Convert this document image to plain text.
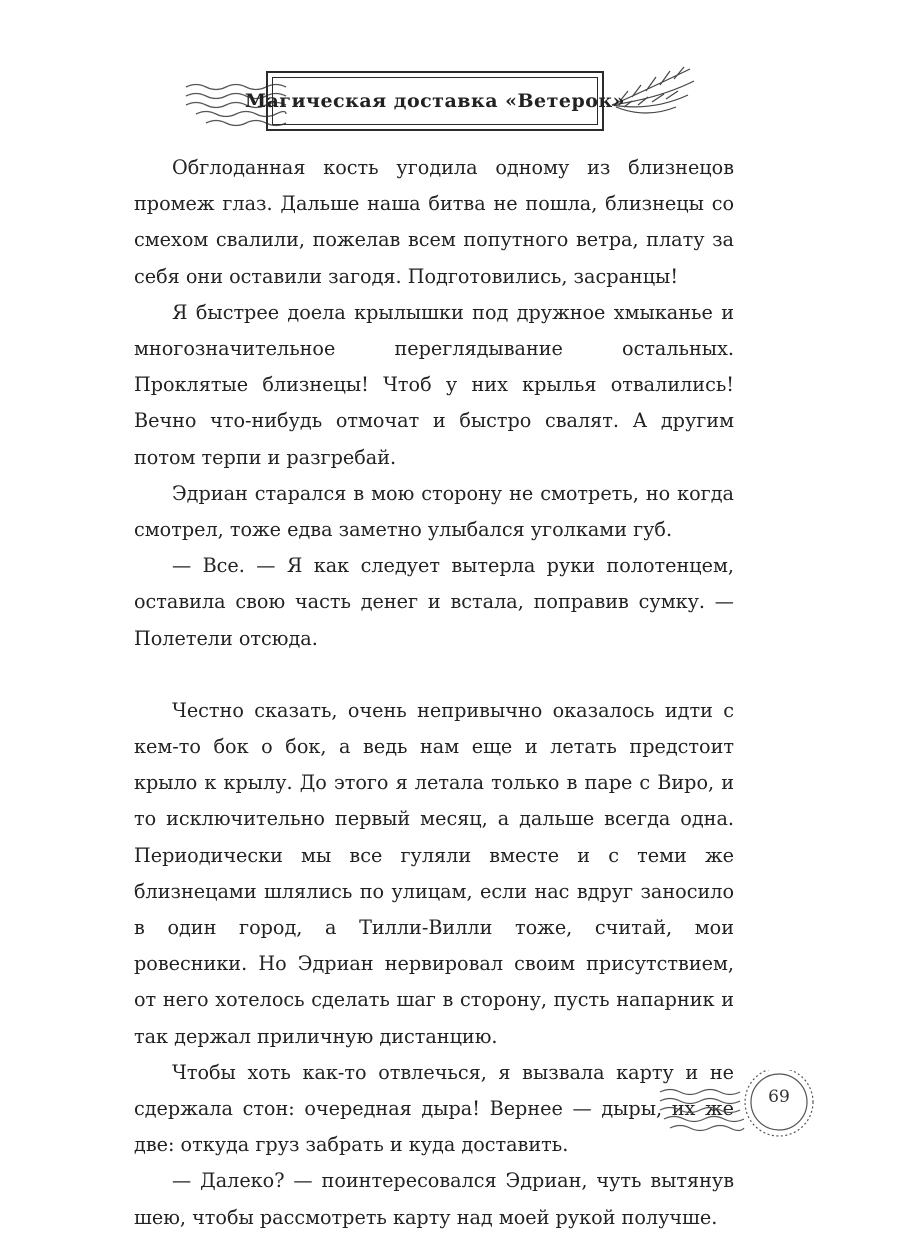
Магическая доставка «Ветерок»

Обглоданная кость угодила одному из близнецов промеж глаз. Дальше наша битва не пошла, близнецы со смехом свалили, пожелав всем попутного ветра, плату за себя они оставили загодя. Подготовились, засранцы!

Я быстрее доела крылышки под дружное хмыканье и многозначительное переглядывание остальных. Проклятые близнецы! Чтоб у них крылья отвалились! Вечно что-нибудь отмочат и быстро свалят. А другим потом терпи и разгребай.

Эдриан старался в мою сторону не смотреть, но когда смотрел, тоже едва заметно улыбался уголками губ.

— Все. — Я как следует вытерла руки полотенцем, оставила свою часть денег и встала, поправив сумку. — Полетели отсюда.

Честно сказать, очень непривычно оказалось идти с кем-то бок о бок, а ведь нам еще и летать предстоит крыло к крылу. До этого я летала только в паре с Виро, и то исключительно первый месяц, а дальше всегда одна. Периодически мы все гуляли вместе и с теми же близнецами шлялись по улицам, если нас вдруг заносило в один город, а Тилли-Вилли тоже, считай, мои ровесники. Но Эдриан нервировал своим присутствием, от него хотелось сделать шаг в сторону, пусть напарник и так держал приличную дистанцию.

Чтобы хоть как-то отвлечься, я вызвала карту и не сдержала стон: очередная дыра! Вернее — дыры, их же две: откуда груз забрать и куда доставить.

— Далеко? — поинтересовался Эдриан, чуть вытянув шею, чтобы рассмотреть карту над моей рукой получше.

69
